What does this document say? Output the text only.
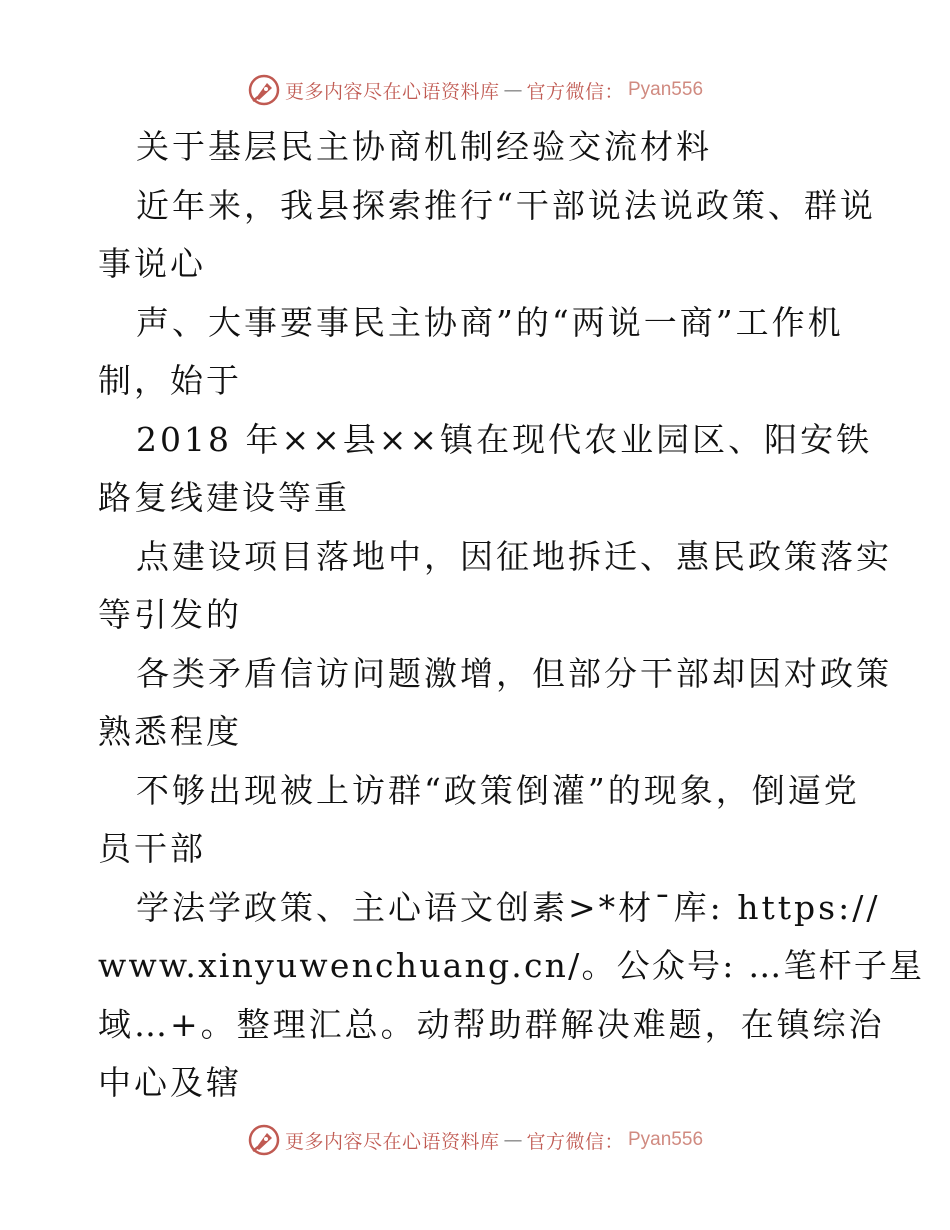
更多内容尽在心语资料库 — 官方微信： Pyan556
关于基层民主协商机制经验交流材料
近年来，我县探索推行“干部说法说政策、群说
事说心
声、大事要事民主协商”的“两说一商”工作机
制，始于
2018 年××县××镇在现代农业园区、阳安铁
路复线建设等重
点建设项目落地中，因征地拆迁、惠民政策落实
等引发的
各类矛盾信访问题激增，但部分干部却因对政策
熟悉程度
不够出现被上访群“政策倒灌”的现象，倒逼党
员干部
学法学政策、主心语文创素>*材¯库: https://
www.xinyuwenchuang.cn/。公众号: …笔杆子星
域…+。整理汇总。动帮助群解决难题，在镇综治
中心及辖
更多内容尽在心语资料库 — 官方微信： Pyan556
